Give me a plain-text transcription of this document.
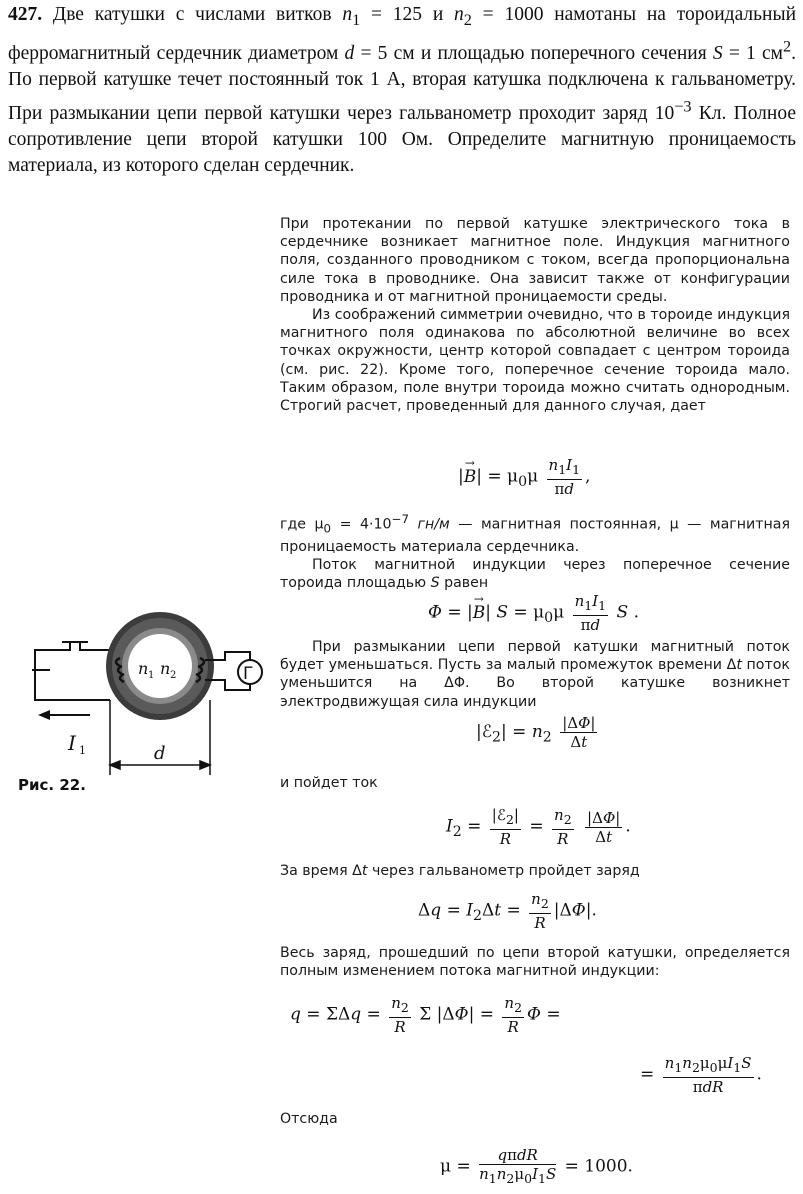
427. Две катушки с числами витков $n_1 = 125$ и $n_2 = 1000$ намотаны на тороидальный ферромагнитный сердечник диаметром d = 5 см и площадью поперечного сечения S = 1 $см^2$. По первой катушке течет постоянный ток 1 А, вторая катушка подключена к гальванометру. При размыкании цепи первой катушки через гальванометр проходит заряд $10^{-3}$ Кл. Полное сопротивление цепи второй катушки 100 Ом. Определите магнитную проницаемость материала, из которого сделан сердечник.

При протекании по первой катушке электрического тока в сердечнике возникает магнитное поле. Индукция магнитного поля, созданного проводником с током, всегда пропорциональна силе тока в проводнике. Она зависит также от конфигурации проводника и от магнитной проницаемости среды.

Из соображений симметрии очевидно, что в тороиде индукция магнитного поля одинакова по абсолютной величине во всех точках окружности, центр которой совпадает с центром тороида (см. рис. 22). Кроме того, поперечное сечение тороида мало. Таким образом, поле внутри тороида можно считать однородным. Строгий расчет, проведенный для данного случая, дает

|
→
$B| = \mu_0\mu \frac{n_1I_1}{\pi d}$ ,

где $\mu_0 = 4\cdot 10^{-7}$ гн/м — магнитная постоянная, μ — магнитная проницаемость материала сердечника.

Поток магнитной индукции через поперечное сечение тороида площадью S равен

Φ = |
→
B| $S = \mu_0\mu \frac{n_1I_1}{\pi d}$ S .

При размыкании цепи первой катушки магнитный поток будет уменьшаться. Пусть за малый промежуток времени Δt поток уменьшится на ΔΦ. Во второй катушке возникнет электродвижущая сила индукции

|ℰ$_2$| = $n_2 \frac{|\Delta\Phi|}{\Delta t}$

и пойдет ток

$I_2 = \frac{|ℰ_2|}{R} = \frac{n_2}{R}$
$\frac{|\Delta\Phi|}{\Delta t}$ .

За время Δt через гальванометр пройдет заряд

$\Delta q = I_2\Delta t = \frac{n_2}{R} |\Delta\Phi|$.

Весь заряд, прошедший по цепи второй катушки, определяется полным изменением потока магнитной индукции:

$q = \Sigma\Delta q = \frac{n_2}{R}$ Σ $|\Delta\Phi| = \frac{n_2}{R}$ Φ =
= $\frac{n_1n_2\mu_0\mu I_1S}{\text{πdR}}$ .

Отсюда

$\mu = \frac{\text{qπdR}}{n_1n_2\mu_0I_1S} = 1000$.
I 1
n 1 n 2	Г
d
Рис. 22.
